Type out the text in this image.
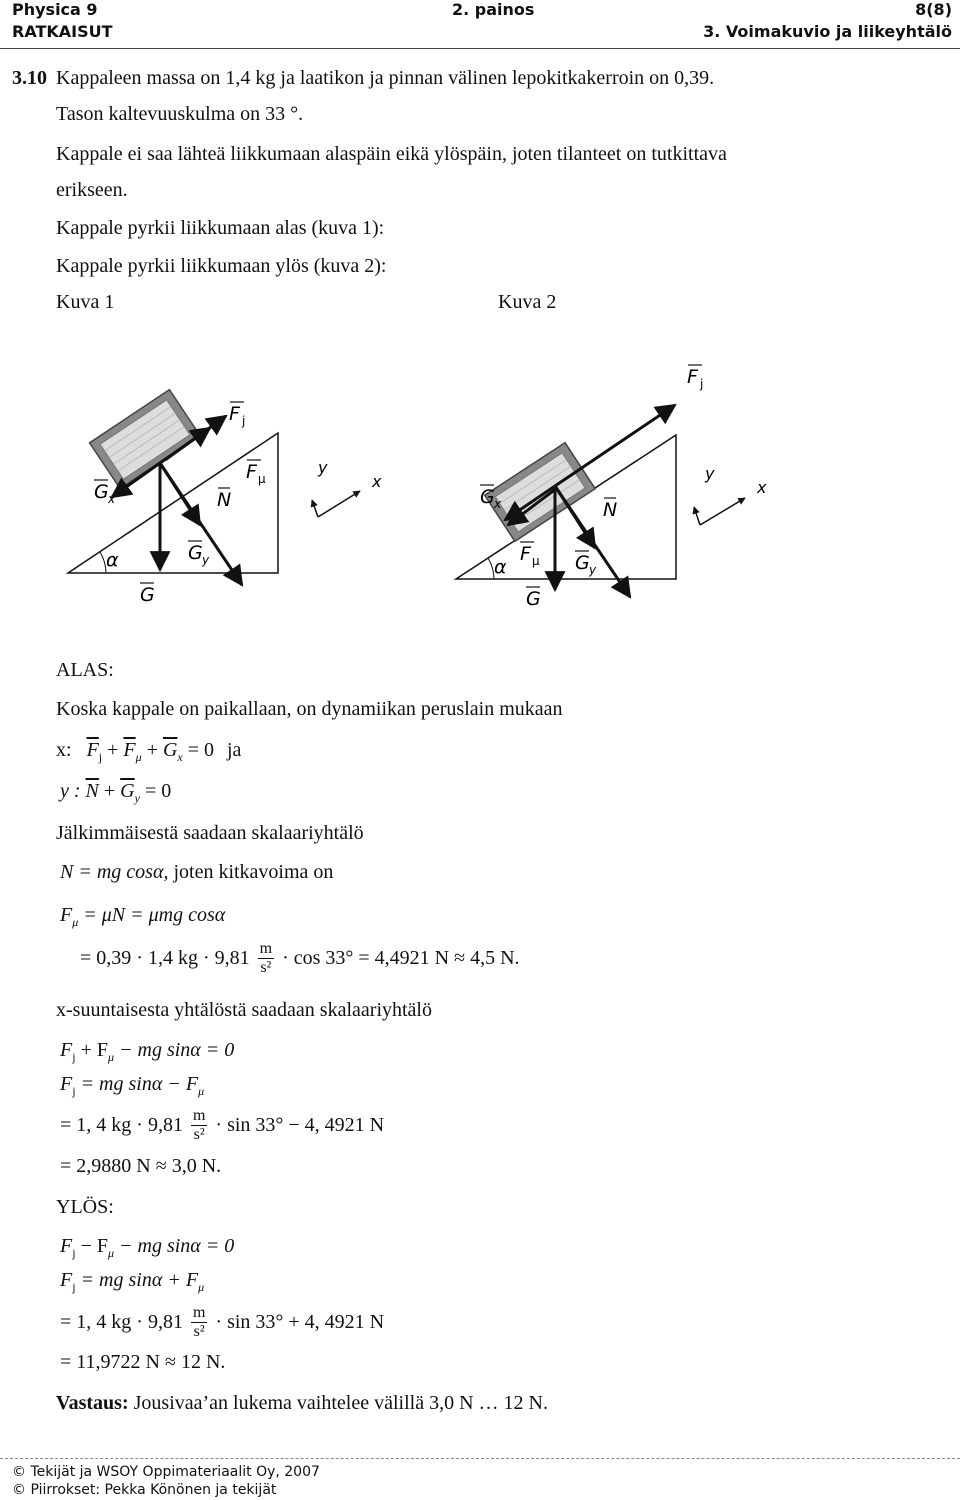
Physica 9	2. painos	8(8)
RATKAISUT	3. Voimakuvio ja liikeyhtälö
3.10 Kappaleen massa on 1,4 kg ja laatikon ja pinnan välinen lepokitkakerroin on 0,39.
Tason kaltevuuskulma on 33 °.
Kappale ei saa lähteä liikkumaan alaspäin eikä ylöspäin, joten tilanteet on tutkittava
erikseen.
Kappale pyrkii liikkumaan alas (kuva 1):
Kappale pyrkii liikkumaan ylös (kuva 2):
Kuva 1	Kuva 2
F j
F μ
G x	N
G y
G
α
y
x
F j
G x	N
F μ G y
G
α
y
x
ALAS:
Koska kappale on paikallaan, on dynamiikan peruslain mukaan
x: $\overline{F}_j + \overline{F}_\mu + \overline{G}_x = 0$ ja
y : $\overline{N} + \overline{G}_y = 0$
Jälkimmäisestä saadaan skalaariyhtälö
N = mg cosα, joten kitkavoima on
$F_\mu = \mu N = \mu mg$ cosα
= 0,39 · 1,4 kg · $9,81 \frac{m}{\text{s²}} \cdot \cos 33^\circ = 4,4921$ N ≈ 4,5 N.
x-suuntaisesta yhtälöstä saadaan skalaariyhtälö
$F_j + F_\mu$ − mg sinα = 0
$F_j$ = mg $\sin\alpha - F_\mu$
= 1, 4 kg · $9,81 \frac{m}{\text{s²}} \cdot \sin 33^\circ - 4$, 4921 N
= 2,9880 N ≈ 3,0 N.
YLÖS:
$F_j - F_\mu$ − mg sinα = 0
$F_j$ = mg $\sin\alpha + F_\mu$
= 1, 4 kg · $9,81 \frac{m}{\text{s²}} \cdot \sin 33^\circ + 4$, 4921 N
= 11,9722 N ≈ 12 N.
Vastaus: Jousivaa’an lukema vaihtelee välillä 3,0 N … 12 N.
© Tekijät ja WSOY Oppimateriaalit Oy, 2007
© Piirrokset: Pekka Könönen ja tekijät
